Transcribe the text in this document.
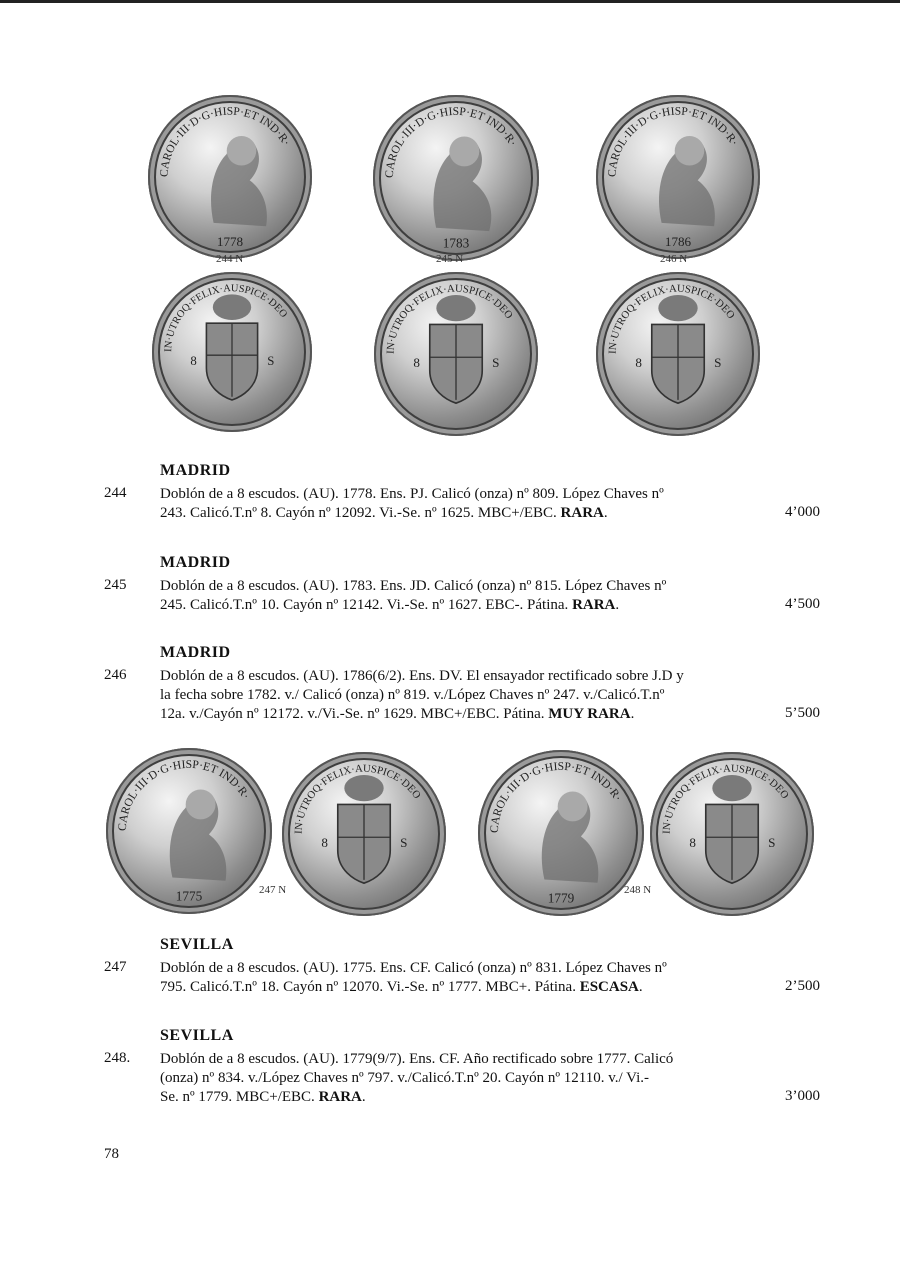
CAROL·III·D·G·HISP·ET IND·R·
1778
CAROL·III·D·G·HISP·ET IND·R·
1783
CAROL·III·D·G·HISP·ET IND·R·
1786
244 N	245 N	246 N
8	S
IN·UTROQ·FELIX·AUSPICE·DEO
8	S
IN·UTROQ·FELIX·AUSPICE·DEO
8	S
IN·UTROQ·FELIX·AUSPICE·DEO
MADRID
244 Doblón de a 8 escudos. (AU). 1778. Ens. PJ. Calicó (onza) nº 809. López Chaves nº
243. Calicó.T.nº 8. Cayón nº 12092. Vi.-Se. nº 1625. MBC+/EBC. RARA.	4’000
MADRID
245 Doblón de a 8 escudos. (AU). 1783. Ens. JD. Calicó (onza) nº 815. López Chaves nº
245. Calicó.T.nº 10. Cayón nº 12142. Vi.-Se. nº 1627. EBC-. Pátina. RARA.	4’500
MADRID
246 Doblón de a 8 escudos. (AU). 1786(6/2). Ens. DV. El ensayador rectificado sobre J.D y
la fecha sobre 1782. v./ Calicó (onza) nº 819. v./López Chaves nº 247. v./Calicó.T.nº
12a. v./Cayón nº 12172. v./Vi.-Se. nº 1629. MBC+/EBC. Pátina. MUY RARA.	5’500
CAROL·III·D·G·HISP·ET IND·R·
1775
8	S
IN·UTROQ·FELIX·AUSPICE·DEO
247 N
CAROL·III·D·G·HISP·ET IND·R·
1779
8	S
IN·UTROQ·FELIX·AUSPICE·DEO
248 N
SEVILLA
247 Doblón de a 8 escudos. (AU). 1775. Ens. CF. Calicó (onza) nº 831. López Chaves nº
795. Calicó.T.nº 18. Cayón nº 12070. Vi.-Se. nº 1777. MBC+. Pátina. ESCASA.	2’500
SEVILLA
248. Doblón de a 8 escudos. (AU). 1779(9/7). Ens. CF. Año rectificado sobre 1777. Calicó
(onza) nº 834. v./López Chaves nº 797. v./Calicó.T.nº 20. Cayón nº 12110. v./ Vi.-
Se. nº 1779. MBC+/EBC. RARA.	3’000
78
